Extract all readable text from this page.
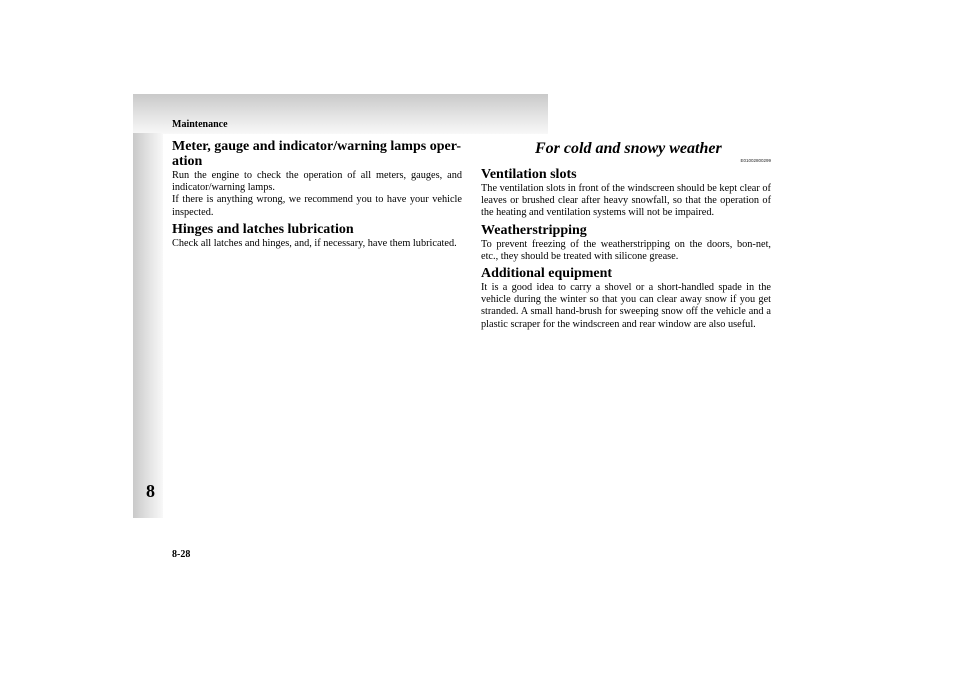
Maintenance
8
Meter, gauge and indicator/warning lamps oper-ation

Run the engine to check the operation of all meters, gauges, and indicator/warning lamps.

If there is anything wrong, we recommend you to have your vehicle inspected.

Hinges and latches lubrication

Check all latches and hinges, and, if necessary, have them lubricated.

For cold and snowy weather
E01002800299
Ventilation slots

The ventilation slots in front of the windscreen should be kept clear of leaves or brushed clear after heavy snowfall, so that the operation of the heating and ventilation systems will not be impaired.

Weatherstripping

To prevent freezing of the weatherstripping on the doors, bon-net, etc., they should be treated with silicone grease.

Additional equipment

It is a good idea to carry a shovel or a short-handled spade in the vehicle during the winter so that you can clear away snow if you get stranded. A small hand-brush for sweeping snow off the vehicle and a plastic scraper for the windscreen and rear window are also useful.

8-28
